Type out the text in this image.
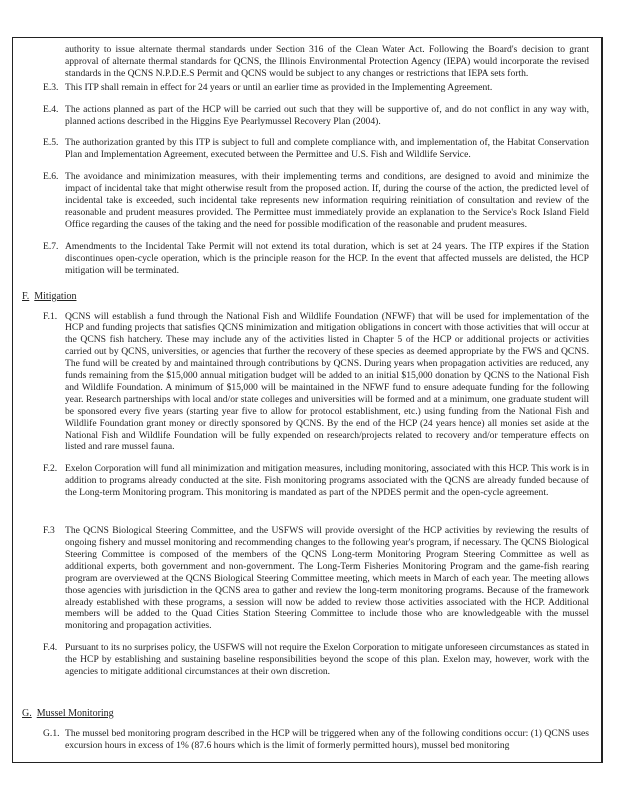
authority to issue alternate thermal standards under Section 316 of the Clean Water Act. Following the Board's decision to grant approval of alternate thermal standards for QCNS, the Illinois Environmental Protection Agency (IEPA) would incorporate the revised standards in the QCNS N.P.D.E.S Permit and QCNS would be subject to any changes or restrictions that IEPA sets forth.
E.3. This ITP shall remain in effect for 24 years or until an earlier time as provided in the Implementing Agreement.
E.4. The actions planned as part of the HCP will be carried out such that they will be supportive of, and do not conflict in any way with, planned actions described in the Higgins Eye Pearlymussel Recovery Plan (2004).
E.5. The authorization granted by this ITP is subject to full and complete compliance with, and implementation of, the Habitat Conservation Plan and Implementation Agreement, executed between the Permittee and U.S. Fish and Wildlife Service.
E.6. The avoidance and minimization measures, with their implementing terms and conditions, are designed to avoid and minimize the impact of incidental take that might otherwise result from the proposed action. If, during the course of the action, the predicted level of incidental take is exceeded, such incidental take represents new information requiring reinitiation of consultation and review of the reasonable and prudent measures provided. The Permittee must immediately provide an explanation to the Service's Rock Island Field Office regarding the causes of the taking and the need for possible modification of the reasonable and prudent measures.
E.7. Amendments to the Incidental Take Permit will not extend its total duration, which is set at 24 years. The ITP expires if the Station discontinues open-cycle operation, which is the principle reason for the HCP. In the event that affected mussels are delisted, the HCP mitigation will be terminated.
F. Mitigation
F.1. QCNS will establish a fund through the National Fish and Wildlife Foundation (NFWF) that will be used for implementation of the HCP and funding projects that satisfies QCNS minimization and mitigation obligations in concert with those activities that will occur at the QCNS fish hatchery. These may include any of the activities listed in Chapter 5 of the HCP or additional projects or activities carried out by QCNS, universities, or agencies that further the recovery of these species as deemed appropriate by the FWS and QCNS. The fund will be created by and maintained through contributions by QCNS. During years when propagation activities are reduced, any funds remaining from the $15,000 annual mitigation budget will be added to an initial $15,000 donation by QCNS to the National Fish and Wildlife Foundation. A minimum of $15,000 will be maintained in the NFWF fund to ensure adequate funding for the following year. Research partnerships with local and/or state colleges and universities will be formed and at a minimum, one graduate student will be sponsored every five years (starting year five to allow for protocol establishment, etc.) using funding from the National Fish and Wildlife Foundation grant money or directly sponsored by QCNS. By the end of the HCP (24 years hence) all monies set aside at the National Fish and Wildlife Foundation will be fully expended on research/projects related to recovery and/or temperature effects on listed and rare mussel fauna.
F.2. Exelon Corporation will fund all minimization and mitigation measures, including monitoring, associated with this HCP. This work is in addition to programs already conducted at the site. Fish monitoring programs associated with the QCNS are already funded because of the Long-term Monitoring program. This monitoring is mandated as part of the NPDES permit and the open-cycle agreement.
F.3 The QCNS Biological Steering Committee, and the USFWS will provide oversight of the HCP activities by reviewing the results of ongoing fishery and mussel monitoring and recommending changes to the following year's program, if necessary. The QCNS Biological Steering Committee is composed of the members of the QCNS Long-term Monitoring Program Steering Committee as well as additional experts, both government and non-government. The Long-Term Fisheries Monitoring Program and the game-fish rearing program are overviewed at the QCNS Biological Steering Committee meeting, which meets in March of each year. The meeting allows those agencies with jurisdiction in the QCNS area to gather and review the long-term monitoring programs. Because of the framework already established with these programs, a session will now be added to review those activities associated with the HCP. Additional members will be added to the Quad Cities Station Steering Committee to include those who are knowledgeable with the mussel monitoring and propagation activities.
F.4. Pursuant to its no surprises policy, the USFWS will not require the Exelon Corporation to mitigate unforeseen circumstances as stated in the HCP by establishing and sustaining baseline responsibilities beyond the scope of this plan. Exelon may, however, work with the agencies to mitigate additional circumstances at their own discretion.
G. Mussel Monitoring
G.1. The mussel bed monitoring program described in the HCP will be triggered when any of the following conditions occur: (1) QCNS uses excursion hours in excess of 1% (87.6 hours which is the limit of formerly permitted hours), mussel bed monitoring
